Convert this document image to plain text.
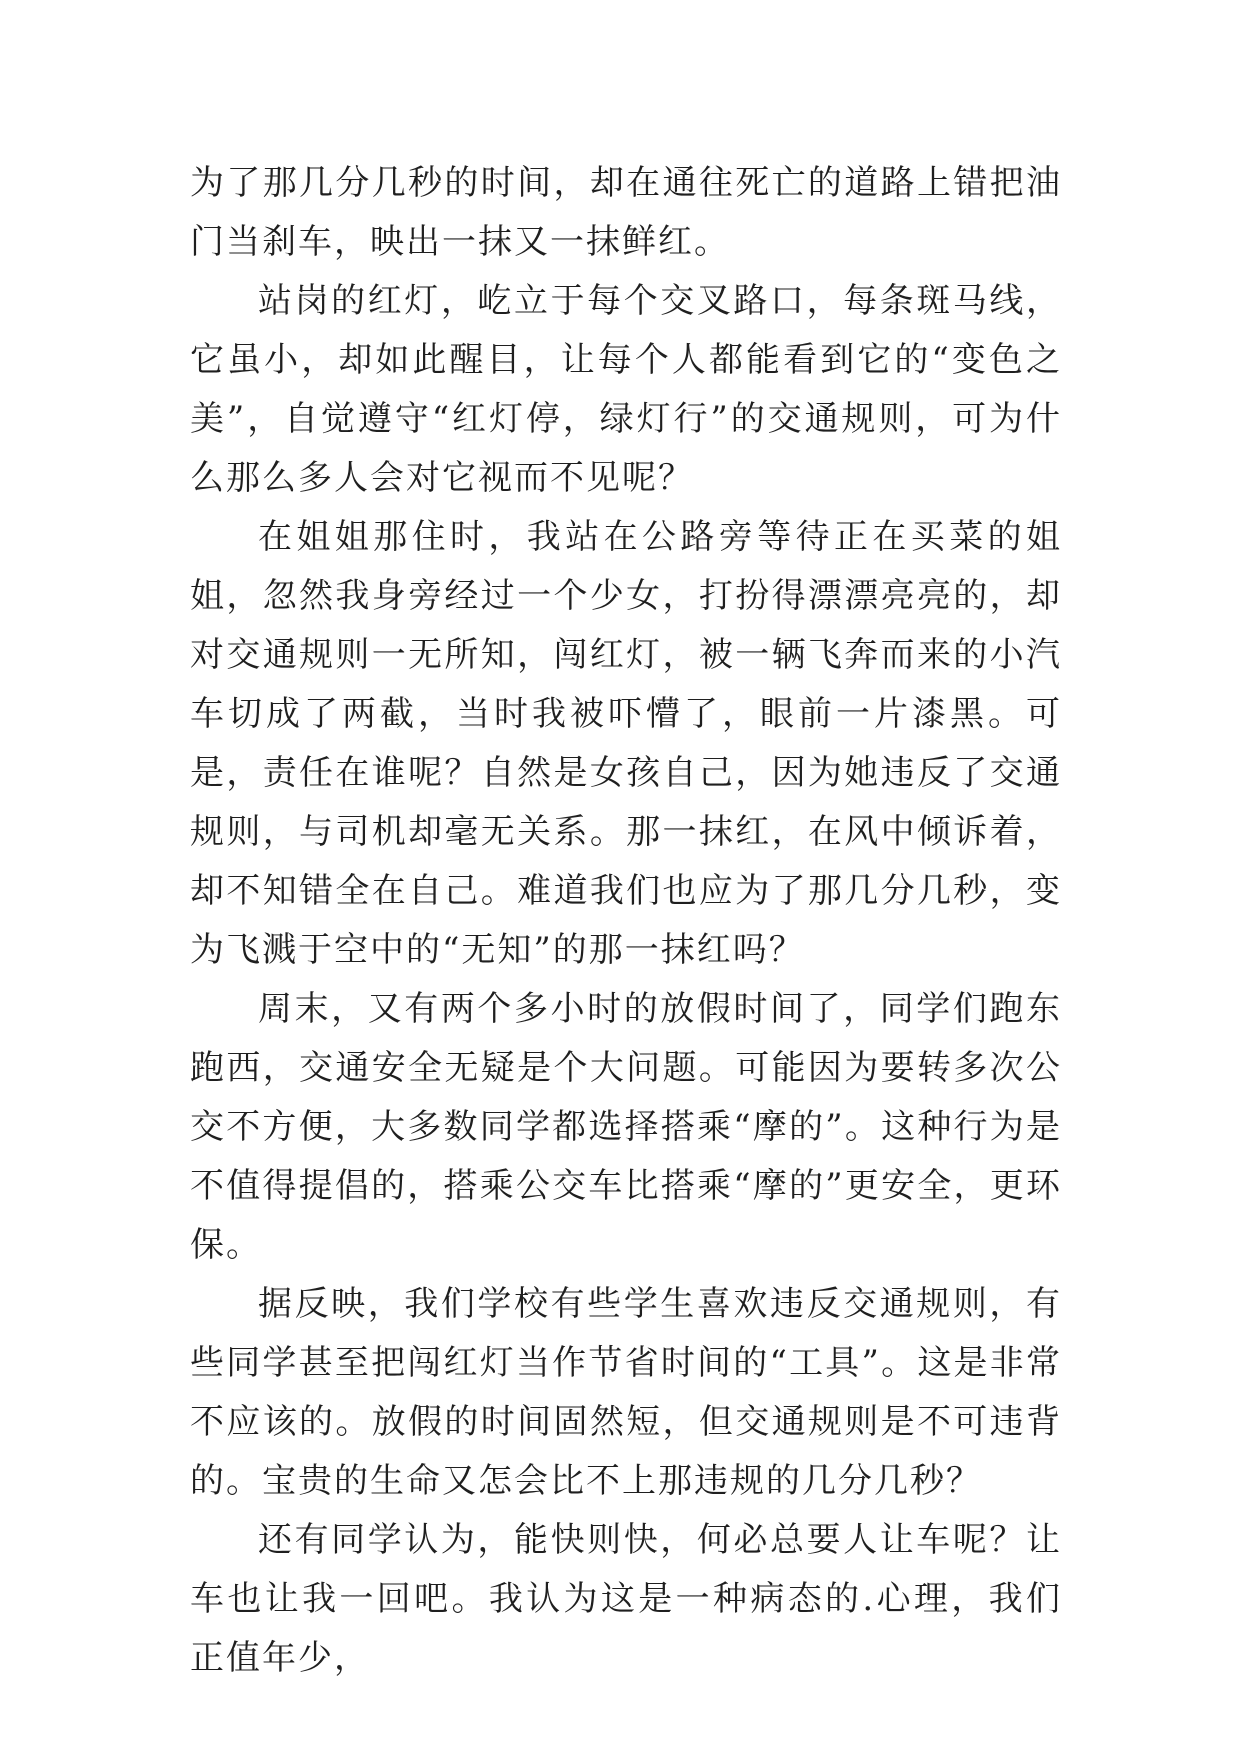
为了那几分几秒的时间，却在通往死亡的道路上错把油门当刹车，映出一抹又一抹鲜红。

站岗的红灯，屹立于每个交叉路口，每条斑马线，它虽小，却如此醒目，让每个人都能看到它的“变色之美”，自觉遵守“红灯停，绿灯行”的交通规则，可为什么那么多人会对它视而不见呢？

在姐姐那住时，我站在公路旁等待正在买菜的姐姐，忽然我身旁经过一个少女，打扮得漂漂亮亮的，却对交通规则一无所知，闯红灯，被一辆飞奔而来的小汽车切成了两截，当时我被吓懵了，眼前一片漆黑。可是，责任在谁呢？自然是女孩自己，因为她违反了交通规则，与司机却毫无关系。那一抹红，在风中倾诉着，却不知错全在自己。难道我们也应为了那几分几秒，变为飞溅于空中的“无知”的那一抹红吗？

周末，又有两个多小时的放假时间了，同学们跑东跑西，交通安全无疑是个大问题。可能因为要转多次公交不方便，大多数同学都选择搭乘“摩的”。这种行为是不值得提倡的，搭乘公交车比搭乘“摩的”更安全，更环保。

据反映，我们学校有些学生喜欢违反交通规则，有些同学甚至把闯红灯当作节省时间的“工具”。这是非常不应该的。放假的时间固然短，但交通规则是不可违背的。宝贵的生命又怎会比不上那违规的几分几秒？

还有同学认为，能快则快，何必总要人让车呢？让车也让我一回吧。我认为这是一种病态的.心理，我们正值年少，
